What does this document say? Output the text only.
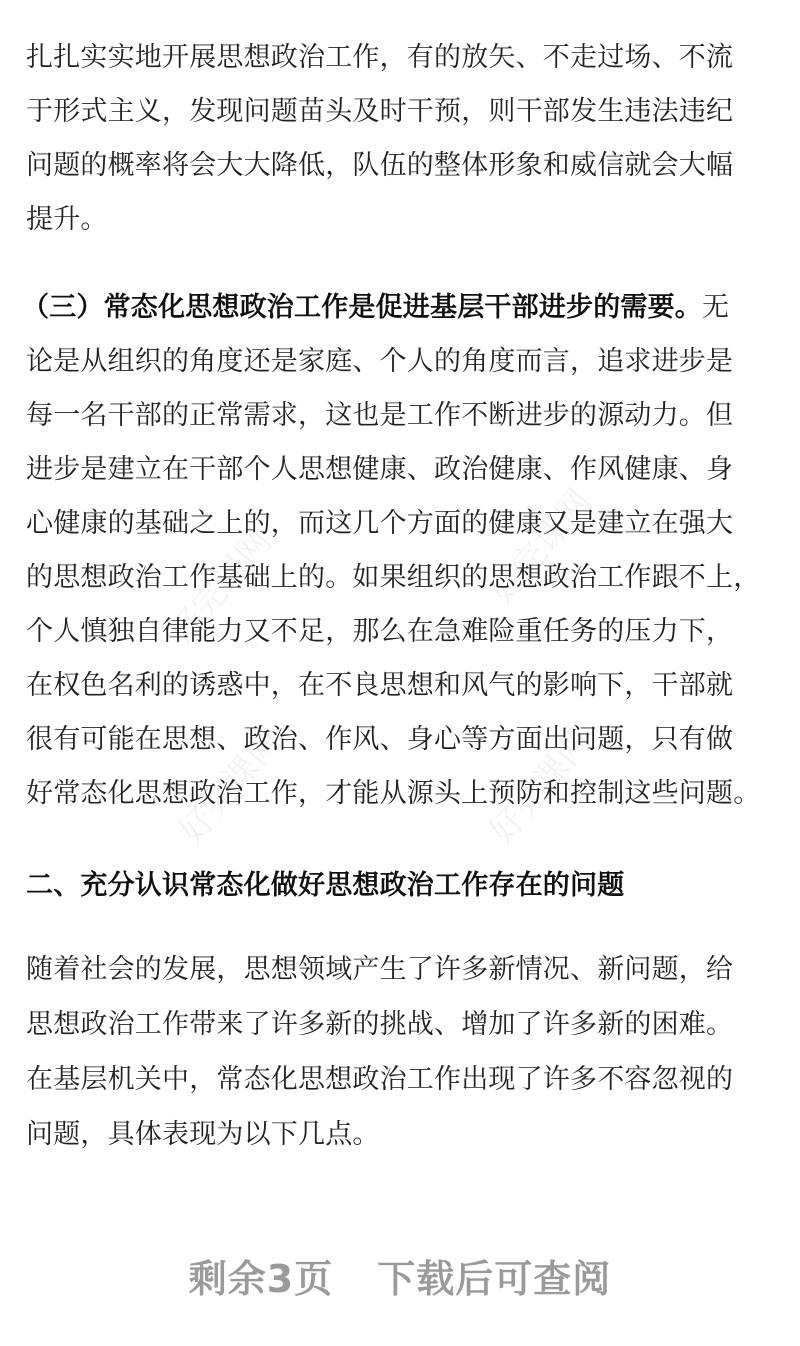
好完课网	好完课网
好完课网	好完课网
扎扎实实地开展思想政治工作，有的放矢、不走过场、不流
于形式主义，发现问题苗头及时干预，则干部发生违法违纪
问题的概率将会大大降低，队伍的整体形象和威信就会大幅
提升。
（三）常态化思想政治工作是促进基层干部进步的需要。无
论是从组织的角度还是家庭、个人的角度而言，追求进步是
每一名干部的正常需求，这也是工作不断进步的源动力。但
进步是建立在干部个人思想健康、政治健康、作风健康、身
心健康的基础之上的，而这几个方面的健康又是建立在强大
的思想政治工作基础上的。如果组织的思想政治工作跟不上，
个人慎独自律能力又不足，那么在急难险重任务的压力下，
在权色名利的诱惑中，在不良思想和风气的影响下，干部就
很有可能在思想、政治、作风、身心等方面出问题，只有做
好常态化思想政治工作，才能从源头上预防和控制这些问题。
二、充分认识常态化做好思想政治工作存在的问题
随着社会的发展，思想领域产生了许多新情况、新问题，给
思想政治工作带来了许多新的挑战、增加了许多新的困难。
在基层机关中，常态化思想政治工作出现了许多不容忽视的
问题，具体表现为以下几点。
剩余3页 下载后可查阅
